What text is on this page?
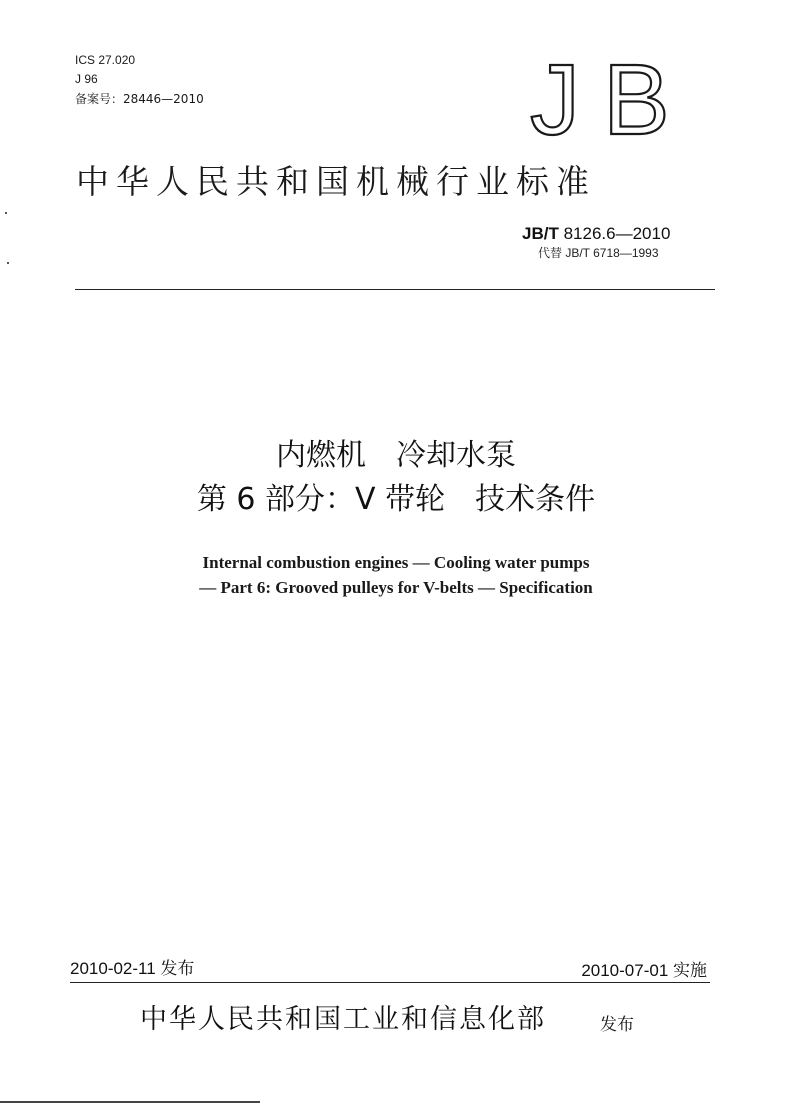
ICS 27.020
J 96
备案号：28446—2010	J B
中华人民共和国机械行业标准
JB/T 8126.6—2010
代替 JB/T 6718—1993
内燃机　冷却水泵
第 6 部分：V 带轮　技术条件
Internal combustion engines — Cooling water pumps
— Part 6: Grooved pulleys for V-belts — Specification
2010-02-11 发布	2010-07-01 实施
中华人民共和国工业和信息化部	发布
